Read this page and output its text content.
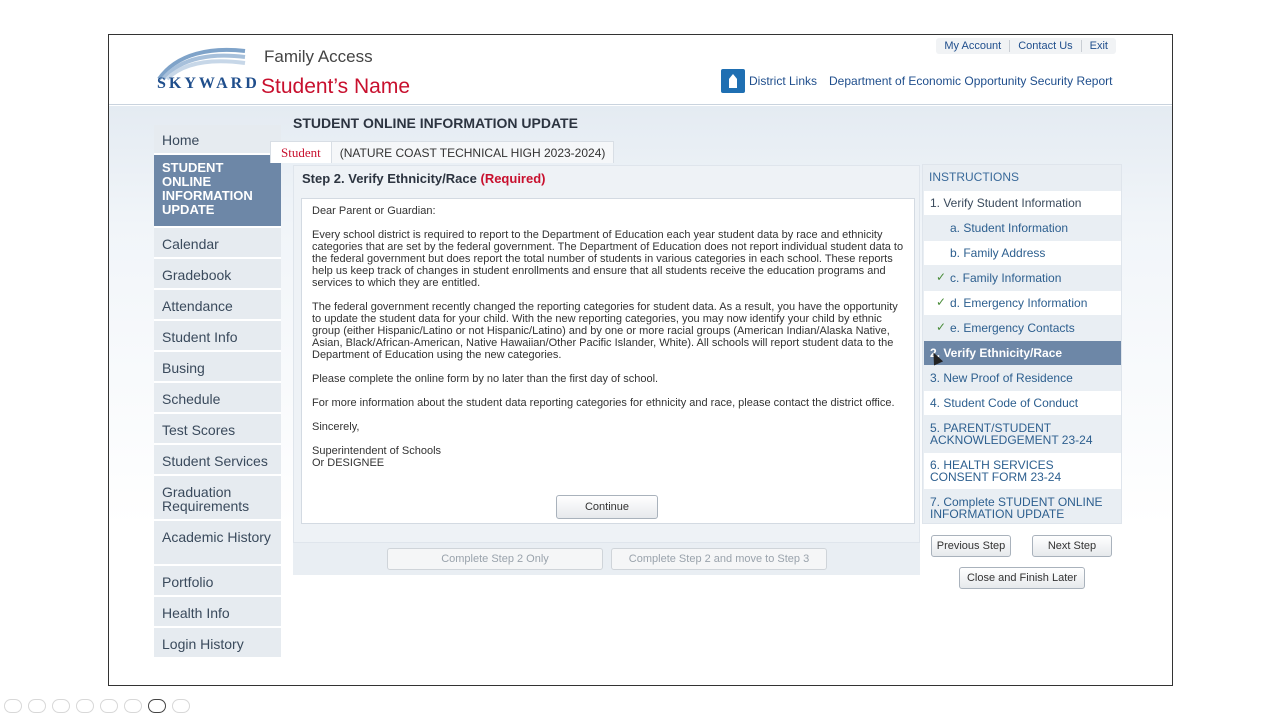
SKYWARD
Family Access
Student’s Name
My Account	Contact Us	Exit
District Links Department of Economic Opportunity Security Report
Home
STUDENT ONLINE INFORMATION UPDATE
Calendar
Gradebook
Attendance
Student Info
Busing
Schedule
Test Scores
Student Services
Graduation Requirements
Academic History
Portfolio
Health Info
Login History
STUDENT ONLINE INFORMATION UPDATE
Student	(NATURE COAST TECHNICAL HIGH 2023-2024)
Step 2. Verify Ethnicity/Race (Required)

Dear Parent or Guardian:

Every school district is required to report to the Department of Education each year student data by race and ethnicity categories that are set by the federal government. The Department of Education does not report individual student data to the federal government but does report the total number of students in various categories in each school. These reports help us keep track of changes in student enrollments and ensure that all students receive the education programs and services to which they are entitled.

The federal government recently changed the reporting categories for student data. As a result, you have the opportunity to update the student data for your child. With the new reporting categories, you may now identify your child by ethnic group (either Hispanic/Latino or not Hispanic/Latino) and by one or more racial groups (American Indian/Alaska Native, Asian, Black/African-American, Native Hawaiian/Other Pacific Islander, White). All schools will report student data to the Department of Education using the new categories.

Please complete the online form by no later than the first day of school.

For more information about the student data reporting categories for ethnicity and race, please contact the district office.

Sincerely,

Superintendent of Schools
Or DESIGNEE
Continue
Complete Step 2 Only	Complete Step 2 and move to Step 3
INSTRUCTIONS
1. Verify Student Information
a. Student Information
b. Family Address
✓ c. Family Information
✓ d. Emergency Information
✓ e. Emergency Contacts
2. Verify Ethnicity/Race
3. New Proof of Residence
4. Student Code of Conduct
5. PARENT/STUDENT ACKNOWLEDGEMENT 23-24
6. HEALTH SERVICES CONSENT FORM 23-24
7. Complete STUDENT ONLINE INFORMATION UPDATE
Previous Step	Next Step
Close and Finish Later
